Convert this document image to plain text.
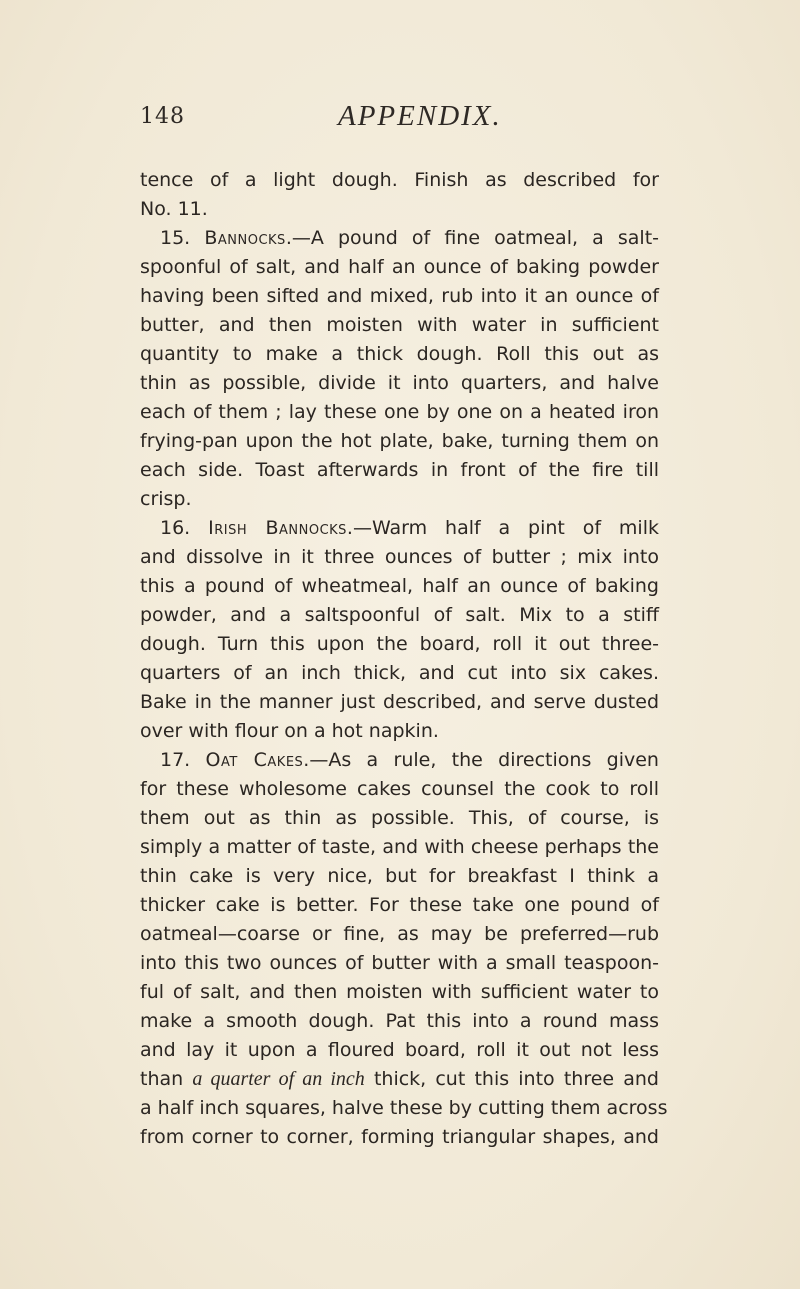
148	APPENDIX.
tence of a light dough. Finish as described for
No. 11.
15. Bannocks.—A pound of fine oatmeal, a salt-
spoonful of salt, and half an ounce of baking powder
having been sifted and mixed, rub into it an ounce of
butter, and then moisten with water in sufficient
quantity to make a thick dough. Roll this out as
thin as possible, divide it into quarters, and halve
each of them ; lay these one by one on a heated iron
frying-pan upon the hot plate, bake, turning them on
each side. Toast afterwards in front of the fire till
crisp.
16. Irish Bannocks.—Warm half a pint of milk
and dissolve in it three ounces of butter ; mix into
this a pound of wheatmeal, half an ounce of baking
powder, and a saltspoonful of salt. Mix to a stiff
dough. Turn this upon the board, roll it out three-
quarters of an inch thick, and cut into six cakes.
Bake in the manner just described, and serve dusted
over with flour on a hot napkin.
17. Oat Cakes.—As a rule, the directions given
for these wholesome cakes counsel the cook to roll
them out as thin as possible. This, of course, is
simply a matter of taste, and with cheese perhaps the
thin cake is very nice, but for breakfast I think a
thicker cake is better. For these take one pound of
oatmeal—coarse or fine, as may be preferred—rub
into this two ounces of butter with a small teaspoon-
ful of salt, and then moisten with sufficient water to
make a smooth dough. Pat this into a round mass
and lay it upon a floured board, roll it out not less
than a quarter of an inch thick, cut this into three and
a half inch squares, halve these by cutting them across
from corner to corner, forming triangular shapes, and
